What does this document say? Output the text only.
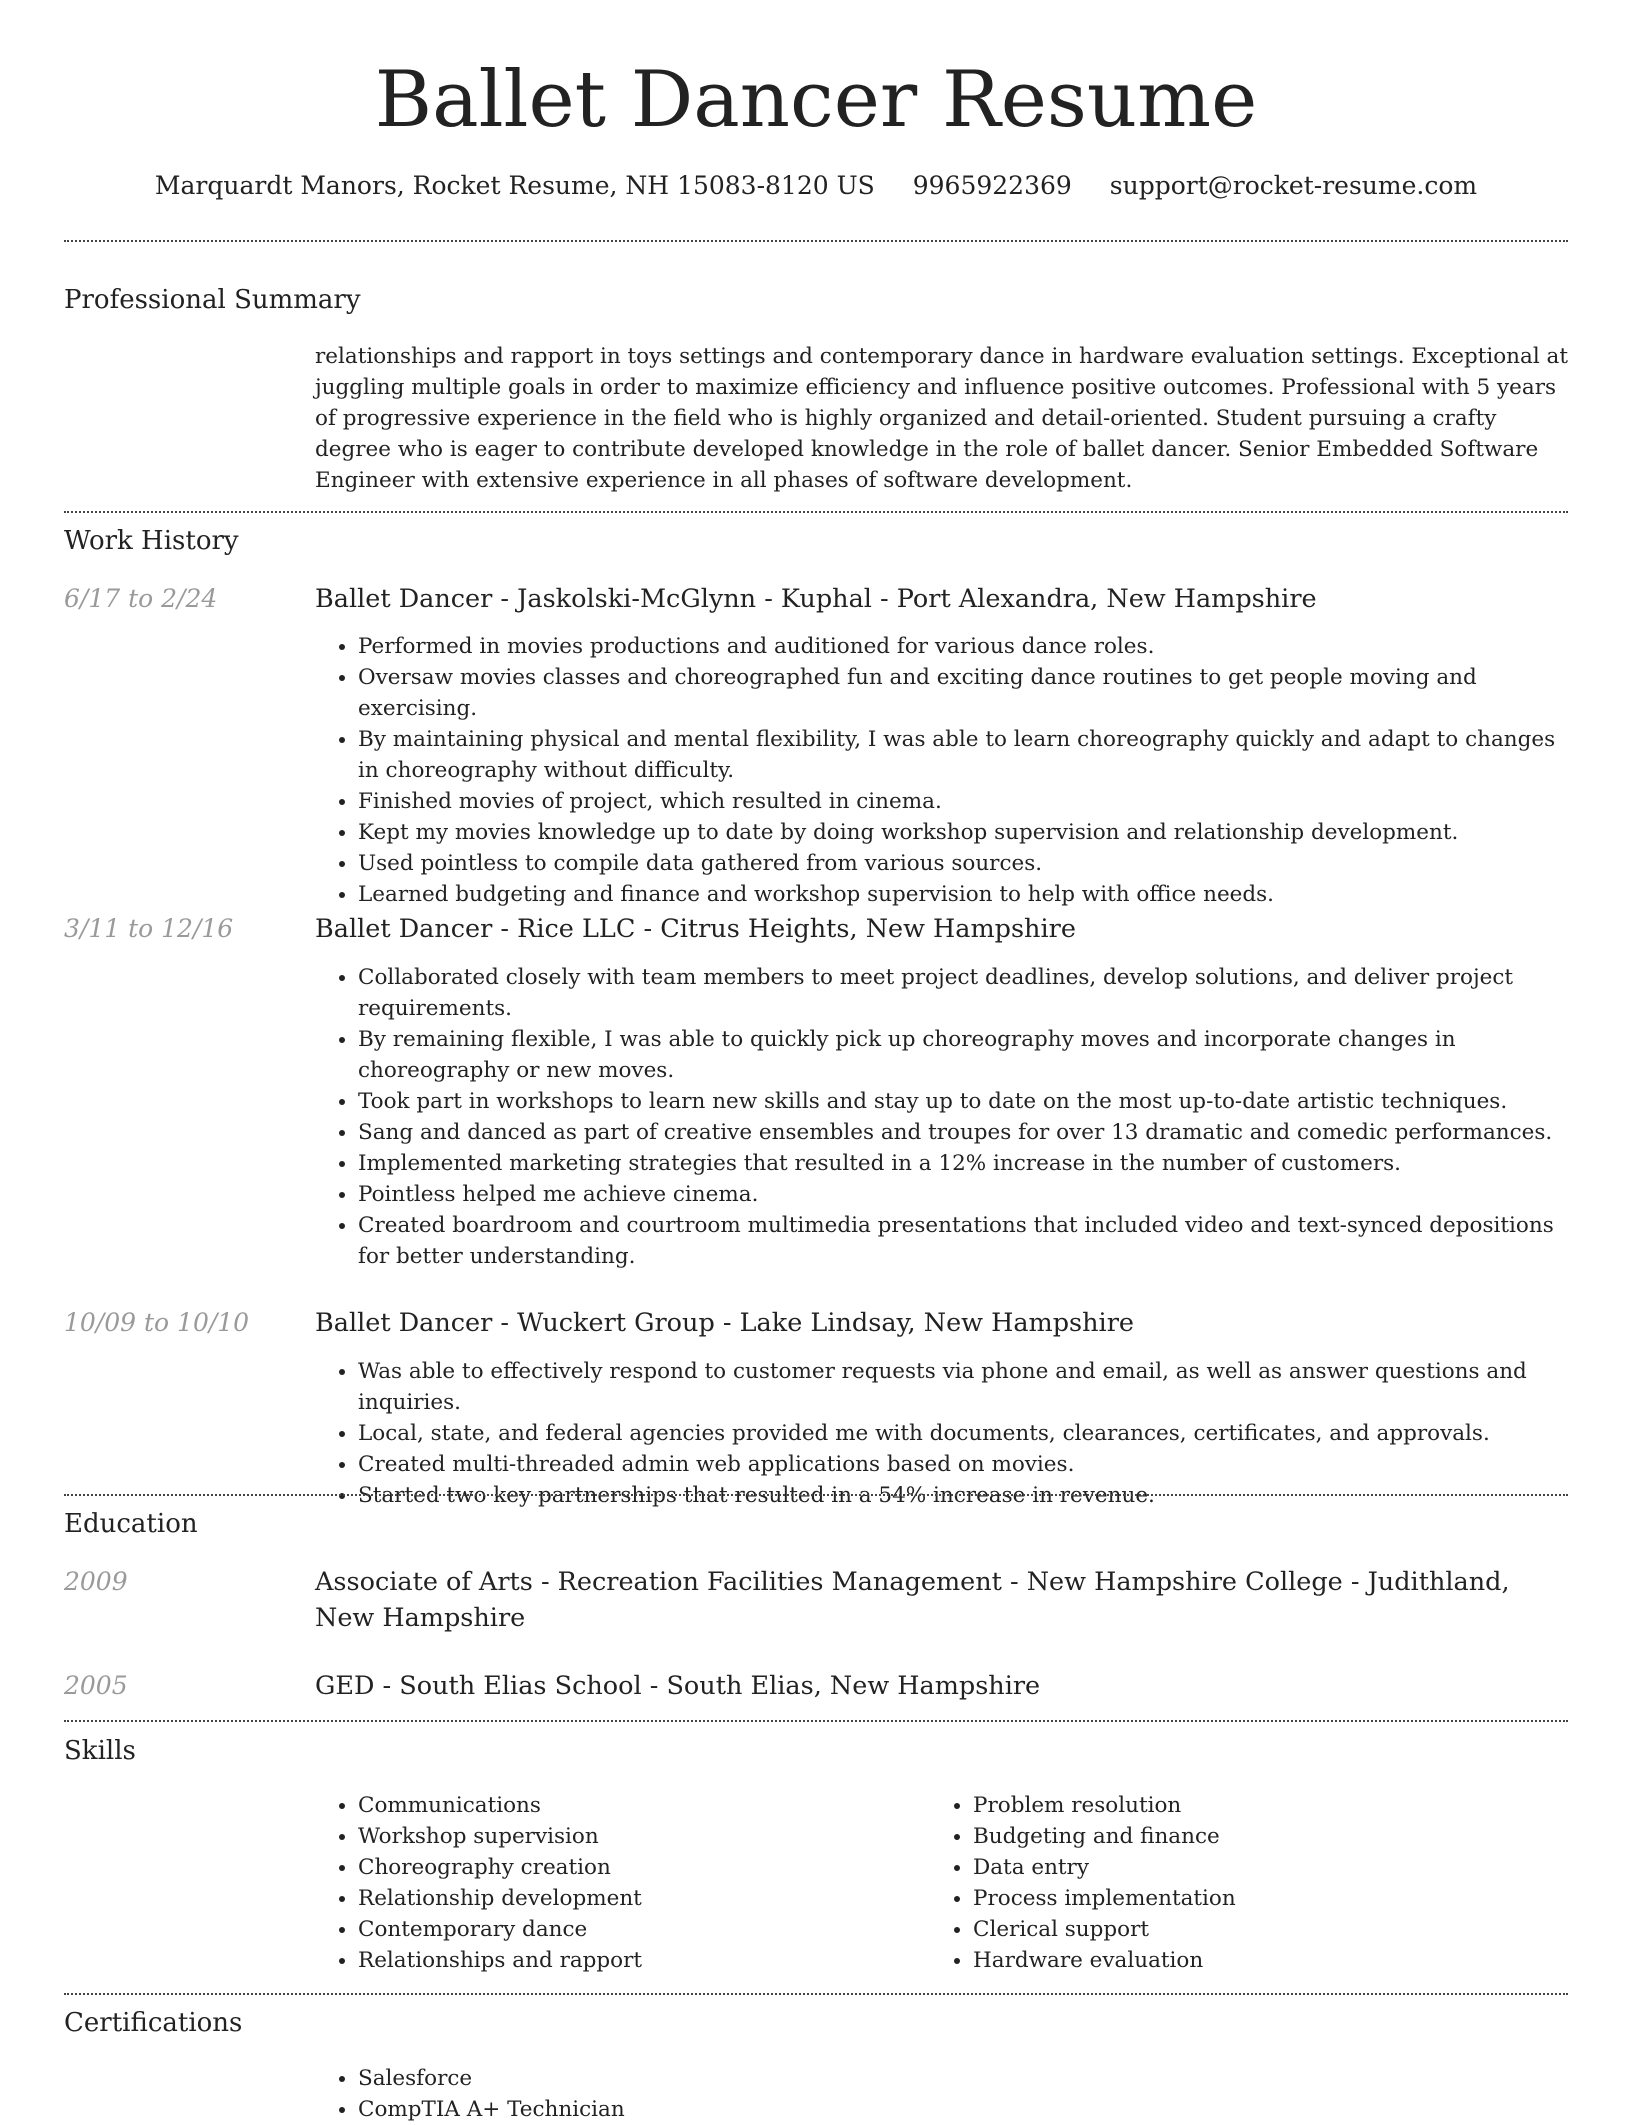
Ballet Dancer Resume
Marquardt Manors, Rocket Resume, NH 15083-8120 US 9965922369 support@rocket-resume.com
Professional Summary
relationships and rapport in toys settings and contemporary dance in hardware evaluation settings. Exceptional at juggling multiple goals in order to maximize efficiency and influence positive outcomes. Professional with 5 years of progressive experience in the field who is highly organized and detail-oriented. Student pursuing a crafty degree who is eager to contribute developed knowledge in the role of ballet dancer. Senior Embedded Software Engineer with extensive experience in all phases of software development.
Work History
6/17 to 2/24	Ballet Dancer - Jaskolski-McGlynn - Kuphal - Port Alexandra, New Hampshire
• Performed in movies productions and auditioned for various dance roles.
• Oversaw movies classes and choreographed fun and exciting dance routines to get people moving and exercising.
• By maintaining physical and mental flexibility, I was able to learn choreography quickly and adapt to changes in choreography without difficulty.
• Finished movies of project, which resulted in cinema.
• Kept my movies knowledge up to date by doing workshop supervision and relationship development.
• Used pointless to compile data gathered from various sources.
• Learned budgeting and finance and workshop supervision to help with office needs.
3/11 to 12/16	Ballet Dancer - Rice LLC - Citrus Heights, New Hampshire
• Collaborated closely with team members to meet project deadlines, develop solutions, and deliver project requirements.
• By remaining flexible, I was able to quickly pick up choreography moves and incorporate changes in choreography or new moves.
• Took part in workshops to learn new skills and stay up to date on the most up-to-date artistic techniques.
• Sang and danced as part of creative ensembles and troupes for over 13 dramatic and comedic performances.
• Implemented marketing strategies that resulted in a 12% increase in the number of customers.
• Pointless helped me achieve cinema.
• Created boardroom and courtroom multimedia presentations that included video and text-synced depositions for better understanding.
10/09 to 10/10	Ballet Dancer - Wuckert Group - Lake Lindsay, New Hampshire
• Was able to effectively respond to customer requests via phone and email, as well as answer questions and inquiries.
• Local, state, and federal agencies provided me with documents, clearances, certificates, and approvals.
• Created multi-threaded admin web applications based on movies.
• Started two key partnerships that resulted in a 54% increase in revenue.
Education
2009	Associate of Arts - Recreation Facilities Management - New Hampshire College - Judithland, New Hampshire
2005	GED - South Elias School - South Elias, New Hampshire
Skills
• Communications
• Workshop supervision
• Choreography creation
• Relationship development
• Contemporary dance
• Relationships and rapport
• Problem resolution
• Budgeting and finance
• Data entry
• Process implementation
• Clerical support
• Hardware evaluation
Certifications
• Salesforce
• CompTIA A+ Technician
